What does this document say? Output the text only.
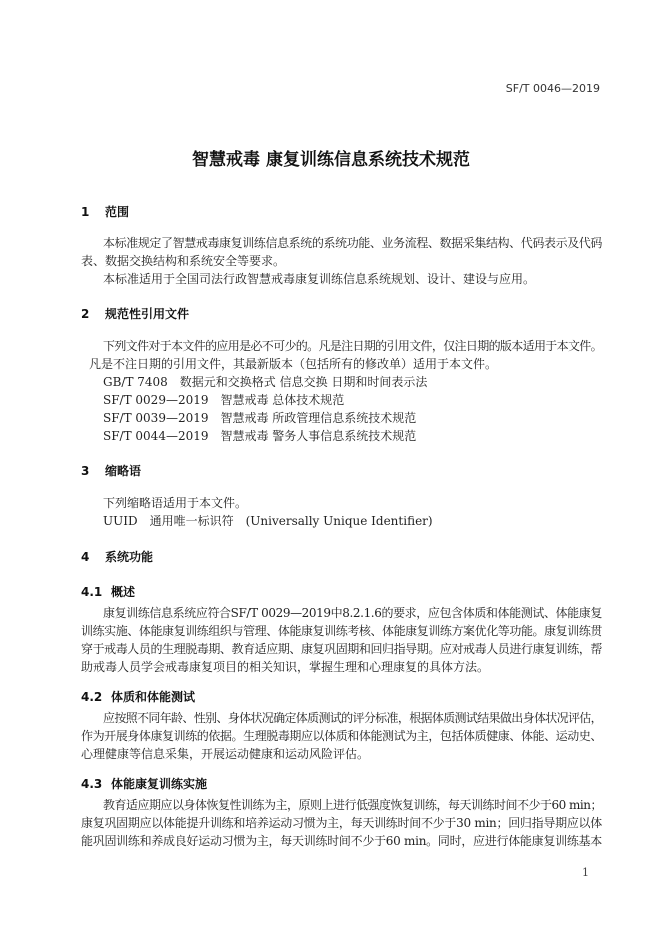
SF/T 0046—2019
智慧戒毒 康复训练信息系统技术规范
1 范围
本标准规定了智慧戒毒康复训练信息系统的系统功能、业务流程、数据采集结构、代码表示及代码
表、数据交换结构和系统安全等要求。
本标准适用于全国司法行政智慧戒毒康复训练信息系统规划、设计、建设与应用。
2 规范性引用文件
下列文件对于本文件的应用是必不可少的。凡是注日期的引用文件，仅注日期的版本适用于本文件。
凡是不注日期的引用文件，其最新版本（包括所有的修改单）适用于本文件。
GB/T 7408　数据元和交换格式 信息交换 日期和时间表示法
SF/T 0029—2019　智慧戒毒 总体技术规范
SF/T 0039—2019　智慧戒毒 所政管理信息系统技术规范
SF/T 0044—2019　智慧戒毒 警务人事信息系统技术规范
3 缩略语
下列缩略语适用于本文件。
UUID　通用唯一标识符　(Universally Unique Identifier)
4 系统功能
4.1 概述
康复训练信息系统应符合SF/T 0029—2019中8.2.1.6的要求，应包含体质和体能测试、体能康复
训练实施、体能康复训练组织与管理、体能康复训练考核、体能康复训练方案优化等功能。康复训练贯
穿于戒毒人员的生理脱毒期、教育适应期、康复巩固期和回归指导期。应对戒毒人员进行康复训练，帮
助戒毒人员学会戒毒康复项目的相关知识，掌握生理和心理康复的具体方法。
4.2 体质和体能测试
应按照不同年龄、性别、身体状况确定体质测试的评分标准，根据体质测试结果做出身体状况评估，
作为开展身体康复训练的依据。生理脱毒期应以体质和体能测试为主，包括体质健康、体能、运动史、
心理健康等信息采集，开展运动健康和运动风险评估。
4.3 体能康复训练实施
教育适应期应以身体恢复性训练为主，原则上进行低强度恢复训练，每天训练时间不少于60 min；
康复巩固期应以体能提升训练和培养运动习惯为主，每天训练时间不少于30 min；回归指导期应以体
能巩固训练和养成良好运动习惯为主，每天训练时间不少于60 min。同时，应进行体能康复训练基本
1
